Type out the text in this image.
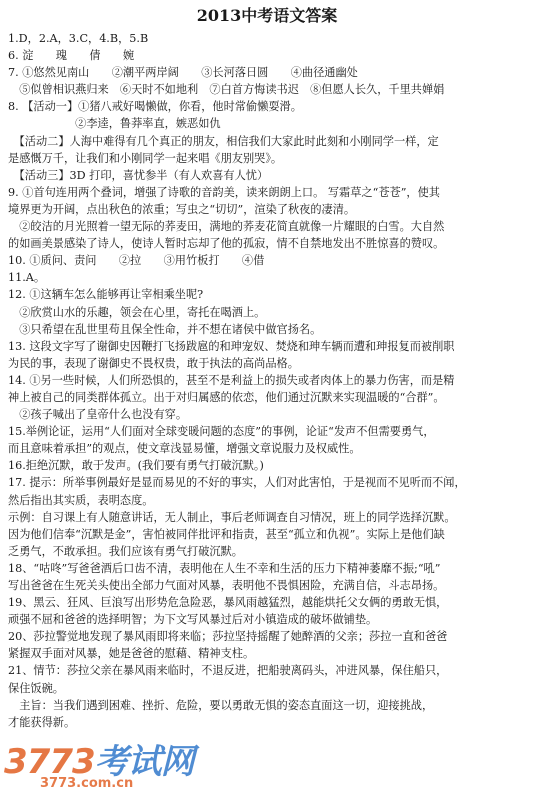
2013中考语文答案
1.D，2.A，3.C，4.B，5.B
6. 淀　　瑰　　倩　　婉
7. ①悠然见南山　　②潮平两岸阔　　③长河落日圆　　④曲径通幽处
　⑤似曾相识燕归来　⑥天时不如地利　⑦白首方悔读书迟　⑧但愿人长久，千里共婵娟
8. 【活动一】①猪八戒好喝懒做，你看，他时常偷懒耍滑。
　　　　　　②李逵，鲁莽率直，嫉恶如仇
　【活动二】人海中难得有几个真正的朋友，相信我们大家此时此刻和小刚同学一样，定
是感慨万千，让我们和小刚同学一起来唱《朋友别哭》。
　【活动三】3D 打印，喜忧参半（有人欢喜有人忧）
9. ①首句连用两个叠词，增强了诗歌的音韵美，读来朗朗上口。 写霜草之“苍苍”，使其
境界更为开阔，点出秋色的浓重；写虫之“切切”，渲染了秋夜的凄清。
　②皎洁的月光照着一望无际的荞麦田，满地的荞麦花简直就像一片耀眼的白雪。大自然
的如画美景感染了诗人，使诗人暂时忘却了他的孤寂，情不自禁地发出不胜惊喜的赞叹。
10. ①质问、责问　　②拉　　③用竹板打　　④借
11.A。
12. ①这辆车怎么能够再让宰相乘坐呢?
　②欣赏山水的乐趣，领会在心里，寄托在喝酒上。
　③只希望在乱世里苟且保全性命，并不想在诸侯中做官扬名。
13. 这段文字写了谢御史因鞭打飞扬跋扈的和珅宠奴、焚烧和珅车辆而遭和珅报复而被削职
为民的事，表现了谢御史不畏权贵，敢于执法的高尚品格。
14. ①另一些时候，人们所恐惧的，甚至不是利益上的损失或者肉体上的暴力伤害，而是精
神上被自己的同类群体孤立。出于对归属感的依恋，他们通过沉默来实现温暖的“合群”。
　②孩子喊出了皇帝什么也没有穿。
15.举例论证，运用“人们面对全球变暖问题的态度”的事例，论证“发声不但需要勇气，
而且意味着承担”的观点，使文章浅显易懂，增强文章说服力及权威性。
16.拒绝沉默，敢于发声。(我们要有勇气打破沉默。)
17. 提示：所举事例最好是显而易见的不好的事实，人们对此害怕，于是视而不见听而不闻，
然后指出其实质，表明态度。
示例：自习课上有人随意讲话，无人制止，事后老师调查自习情况，班上的同学选择沉默。
因为他们信奉“沉默是金”，害怕被同伴批评和指责，甚至“孤立和仇视”。实际上是他们缺
乏勇气，不敢承担。我们应该有勇气打破沉默。
18、“咕咚”写爸爸酒后口齿不清，表明他在人生不幸和生活的压力下精神萎靡不振;“吼”
写出爸爸在生死关头使出全部力气面对风暴，表明他不畏惧困险，充满自信，斗志昂扬。
19、黑云、狂风、巨浪写出形势危急险恶，暴风雨越猛烈，越能烘托父女俩的勇敢无惧，
顽强不屈和爸爸的选择明智；为下文写风暴过后对小镇造成的破坏做铺垫。
20、莎拉警觉地发现了暴风雨即将来临；莎拉坚持摇醒了她醉酒的父亲；莎拉一直和爸爸
紧握双手面对风暴，她是爸爸的慰藉、精神支柱。
21、情节：莎拉父亲在暴风雨来临时，不退反进，把船驶离码头，冲进风暴，保住船只，
保住饭碗。
　主旨：当我们遇到困难、挫折、危险，要以勇敢无惧的姿态直面这一切，迎接挑战，
才能获得新。
3773考试网
3773.com.cn
